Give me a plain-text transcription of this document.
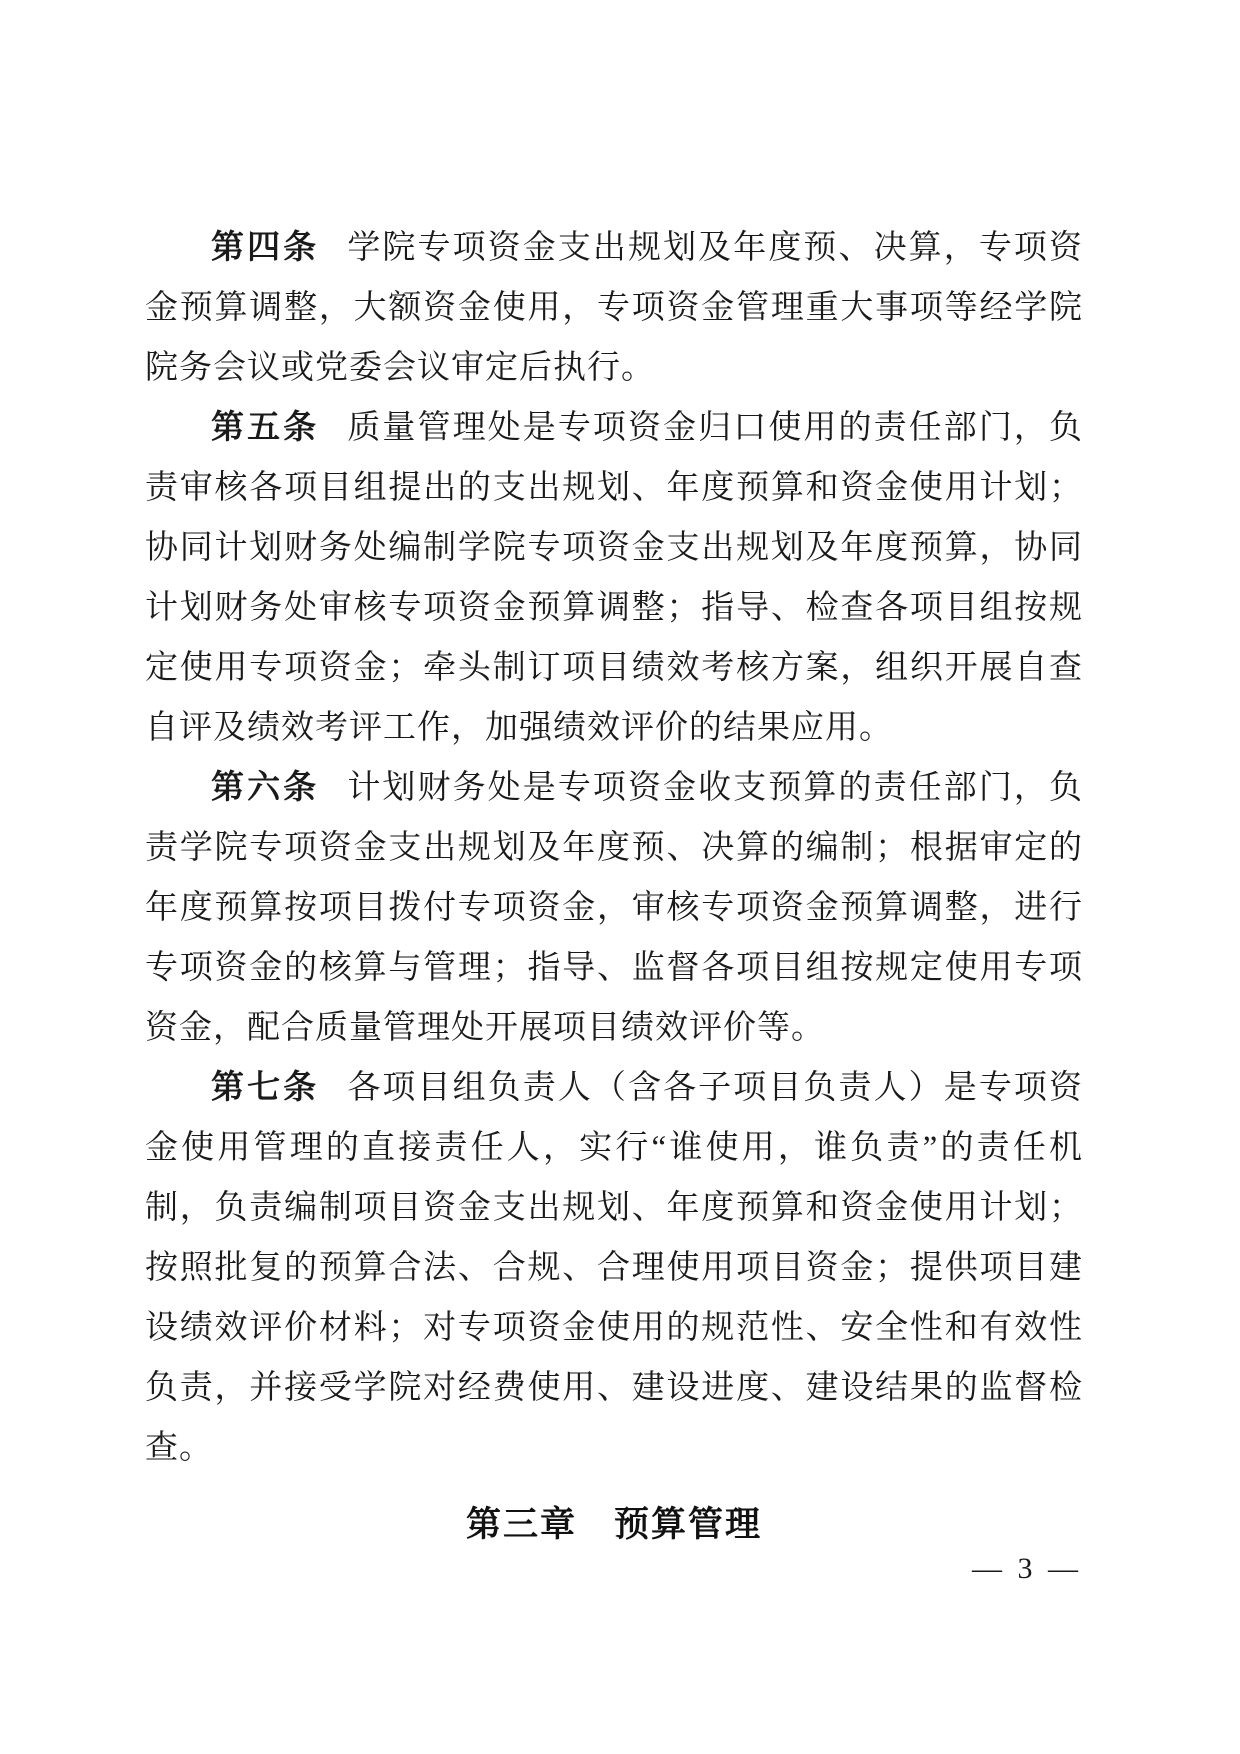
第四条 学院专项资金支出规划及年度预、决算，专项资金预算调整，大额资金使用，专项资金管理重大事项等经学院院务会议或党委会议审定后执行。

第五条 质量管理处是专项资金归口使用的责任部门，负责审核各项目组提出的支出规划、年度预算和资金使用计划；协同计划财务处编制学院专项资金支出规划及年度预算，协同计划财务处审核专项资金预算调整；指导、检查各项目组按规定使用专项资金；牵头制订项目绩效考核方案，组织开展自查自评及绩效考评工作，加强绩效评价的结果应用。

第六条 计划财务处是专项资金收支预算的责任部门，负责学院专项资金支出规划及年度预、决算的编制；根据审定的年度预算按项目拨付专项资金，审核专项资金预算调整，进行专项资金的核算与管理；指导、监督各项目组按规定使用专项资金，配合质量管理处开展项目绩效评价等。

第七条 各项目组负责人（含各子项目负责人）是专项资金使用管理的直接责任人，实行“谁使用，谁负责”的责任机制，负责编制项目资金支出规划、年度预算和资金使用计划；按照批复的预算合法、合规、合理使用项目资金；提供项目建设绩效评价材料；对专项资金使用的规范性、安全性和有效性负责，并接受学院对经费使用、建设进度、建设结果的监督检查。

第三章　预算管理
— 3 —
